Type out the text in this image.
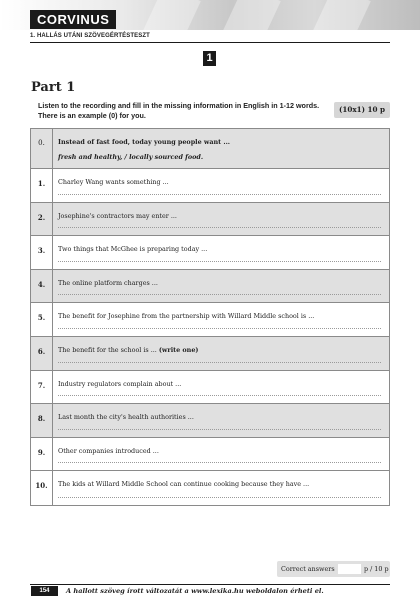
CORVINUS
1. HALLÁS UTÁNI SZÖVEGÉRTÉSTESZT
1
Part 1
Listen to the recording and fill in the missing information in English in 1-12 words. There is an example (0) for you.
(10x1) 10 p
0.	Instead of fast food, today young people want ...
fresh and healthy, / locally sourced food.
1.	Charley Wang wants something ...
2.	Josephine's contractors may enter ...
3.	Two things that McGhee is preparing today ...
4.	The online platform charges ...
5.	The benefit for Josephine from the partnership with Willard Middle school is ...
6.	The benefit for the school is ... (write one)
7.	Industry regulators complain about ...
8.	Last month the city's health authorities ...
9.	Other companies introduced ...
10.	The kids at Willard Middle School can continue cooking because they have ...
Correct answers	p / 10 p
154	A hallott szöveg írott változatát a www.lexika.hu weboldalon érheti el.
